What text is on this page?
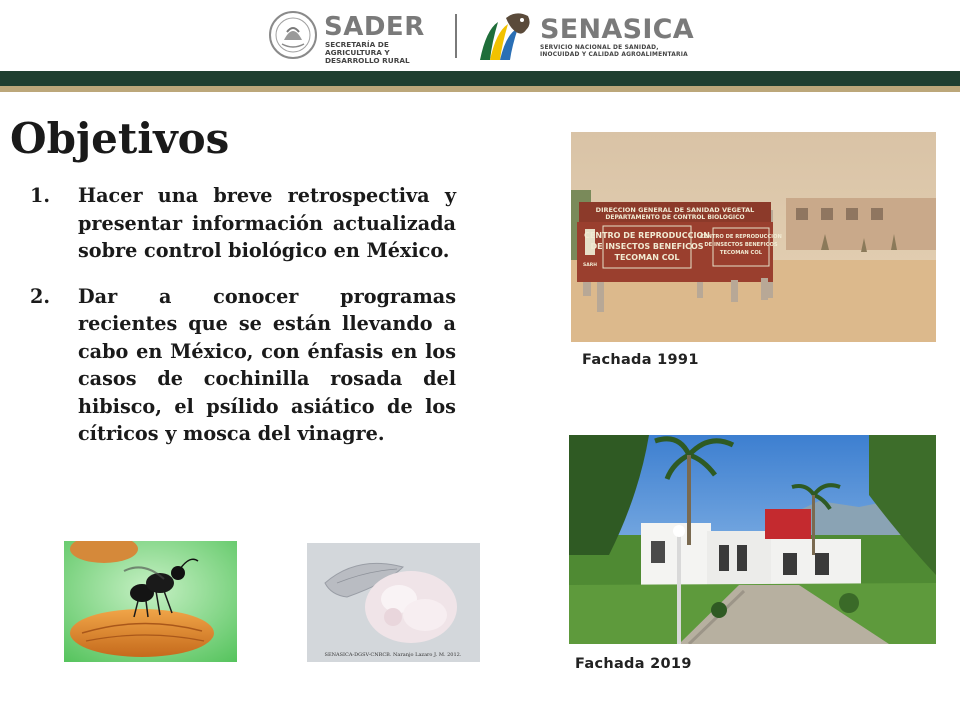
SADER
SECRETARÍA DE
AGRICULTURA Y
DESARROLLO RURAL
SENASICA
SERVICIO NACIONAL DE SANIDAD,
INOCUIDAD Y CALIDAD AGROALIMENTARIA
Objetivos
1.	Hacer una breve retrospectiva y presentar información actualizada sobre control biológico en México.
2.	Dar a conocer programas recientes que se están llevando a cabo en México, con énfasis en los casos de cochinilla rosada del hibisco, el psílido asiático de los cítricos y mosca del vinagre.
DIRECCION GENERAL DE SANIDAD VEGETAL
DEPARTAMENTO DE CONTROL BIOLOGICO
CENTRO DE REPRODUCCION
DE INSECTOS BENEFICOS
TECOMAN COL
SARH
CENTRO DE REPRODUCCION
DE INSECTOS BENEFICOS
TECOMAN COL
Fachada 1991
Fachada 2019
SENASICA-DGSV-CNRCB. Naranjo Lazaro J. M. 2012.
